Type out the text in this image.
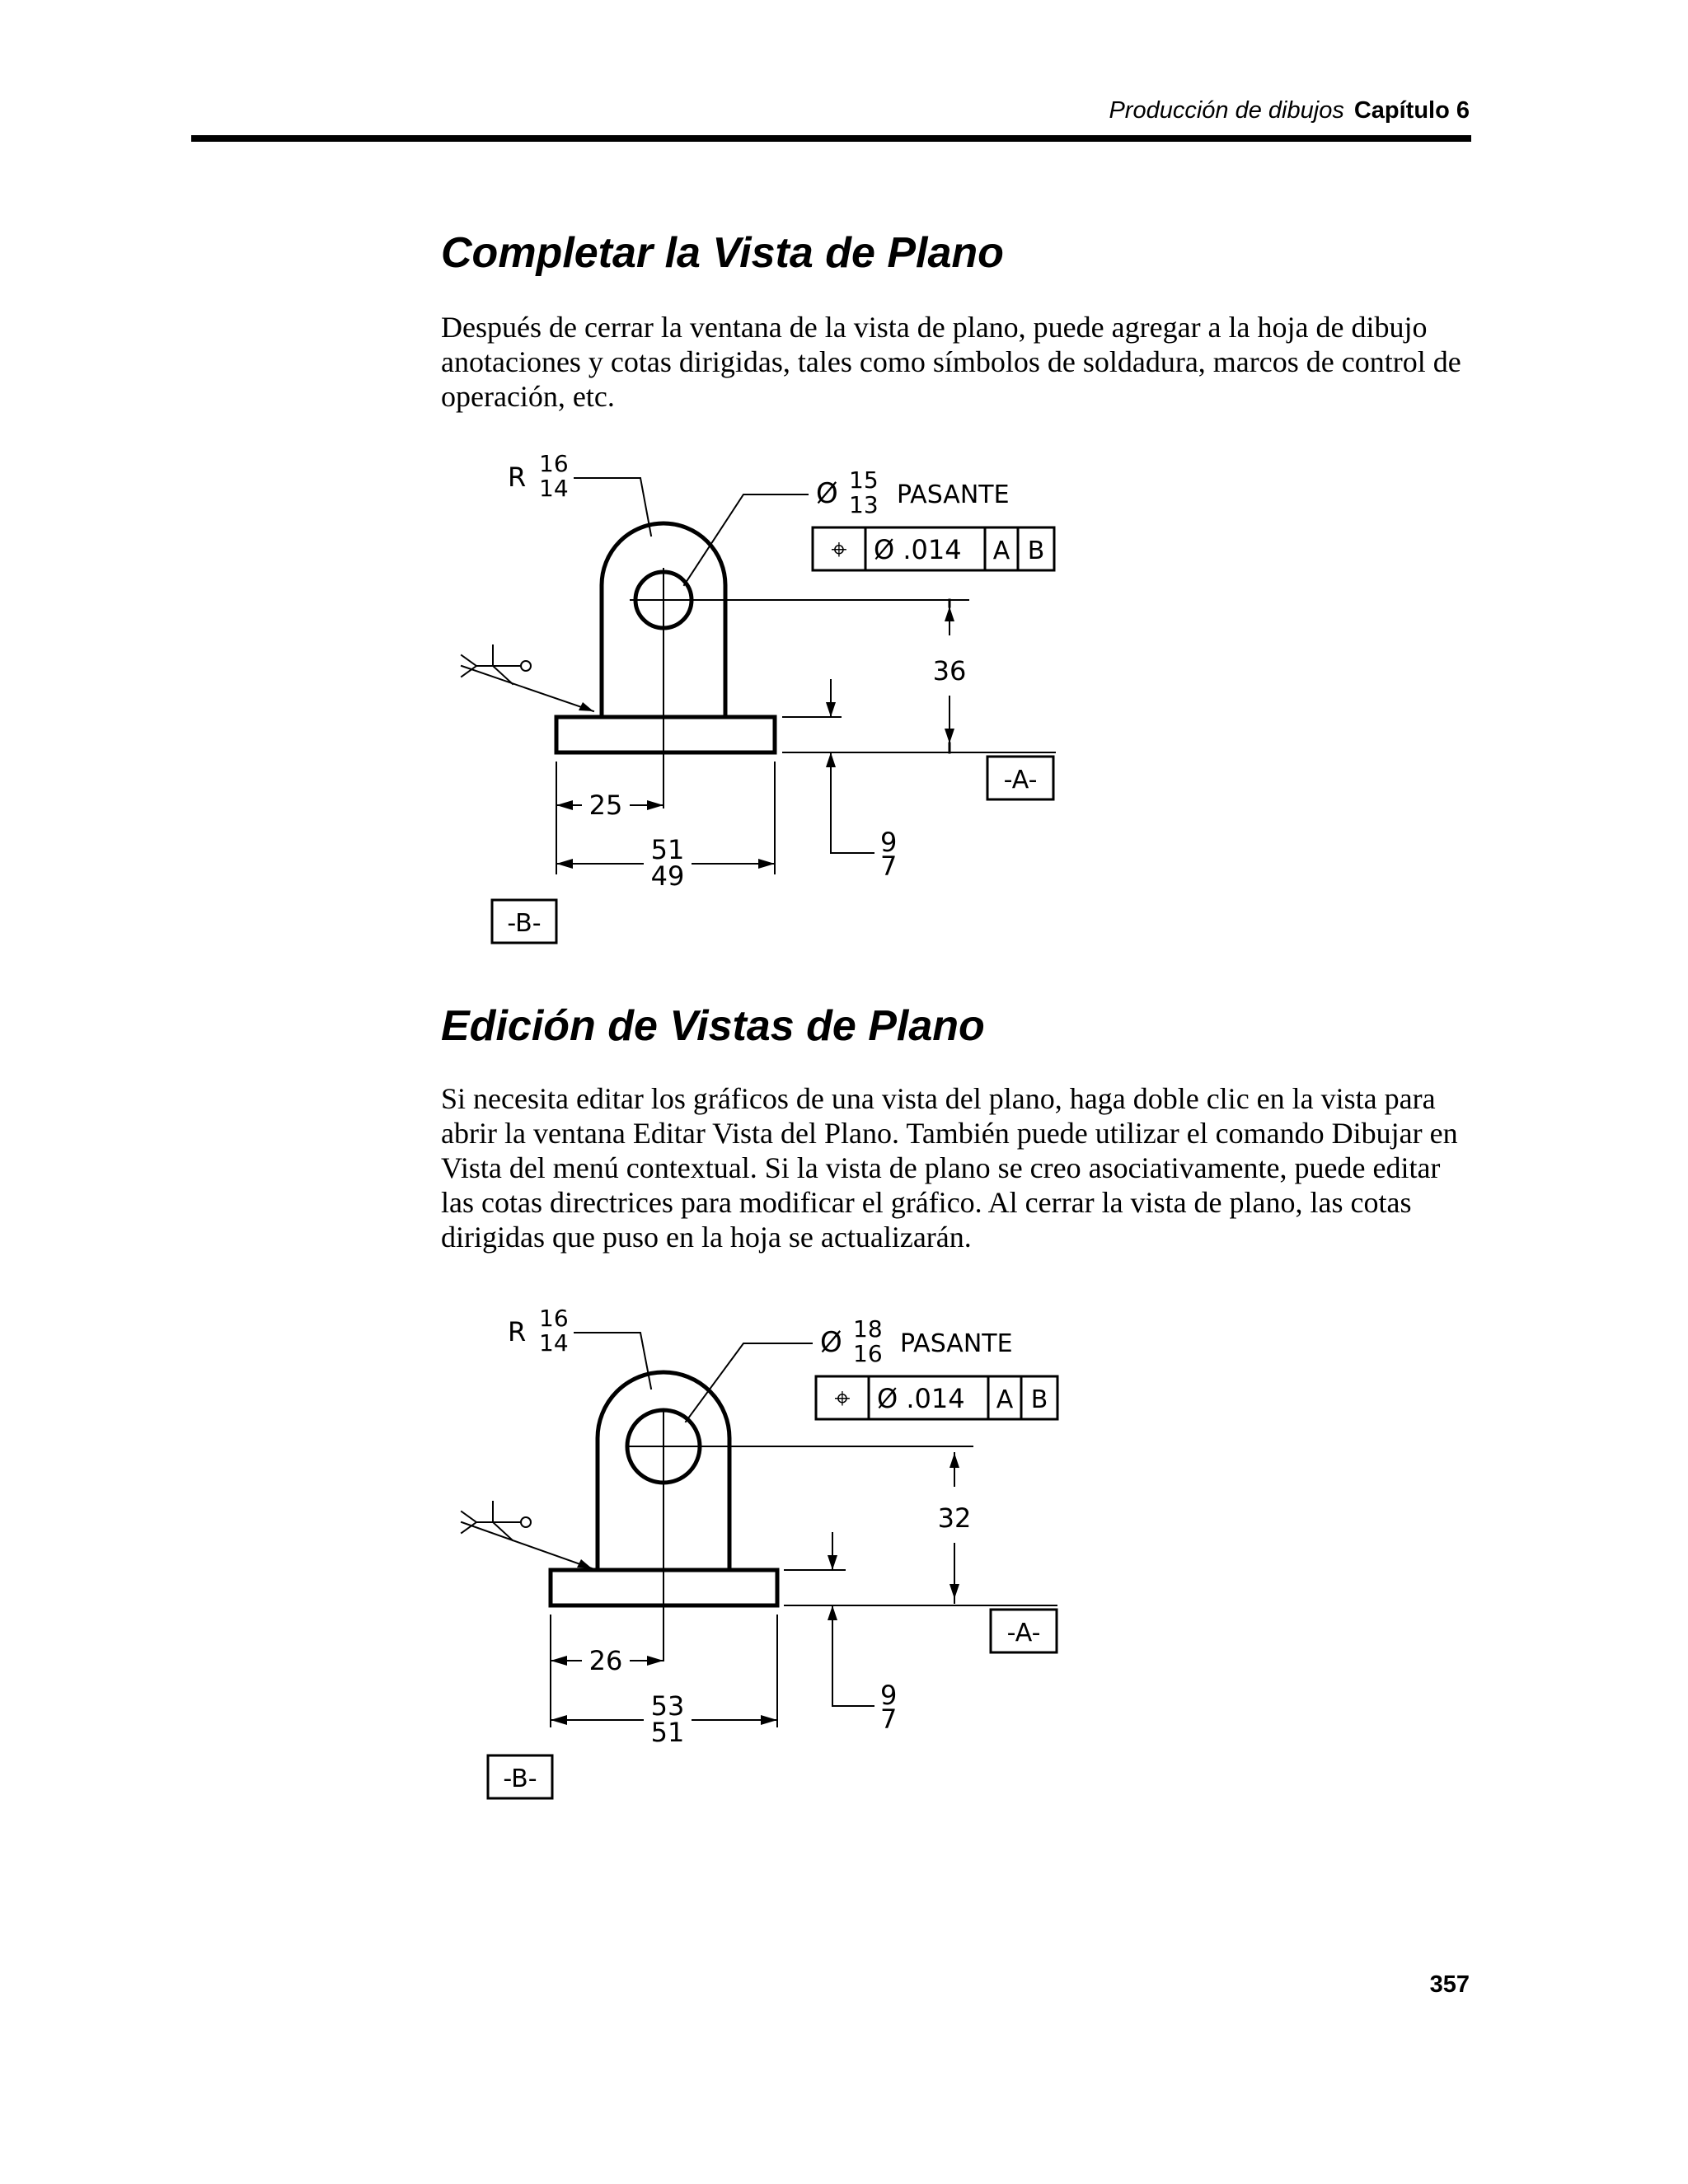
Producción de dibujos Capítulo 6
Completar la Vista de Plano

Después de cerrar la ventana de la vista de plano, puede agregar a la hoja de dibujo anotaciones y cotas dirigidas, tales como símbolos de soldadura, marcos de control de operación, etc.

R 16
14	Ø 15
13 PASANTE
⌖ Ø .014 A B
36
25
51
49
9
7
-A-
-B-
Edición de Vistas de Plano

Si necesita editar los gráficos de una vista del plano, haga doble clic en la vista para abrir la ventana Editar Vista del Plano. También puede utilizar el comando Dibujar en Vista del menú contextual. Si la vista de plano se creo asociativamente, puede editar las cotas directrices para modificar el gráfico. Al cerrar la vista de plano, las cotas dirigidas que puso en la hoja se actualizarán.

R 16
14	Ø 18
16 PASANTE
⌖ Ø .014 A B
32
26
53
51
9
7
-A-
-B-
357
